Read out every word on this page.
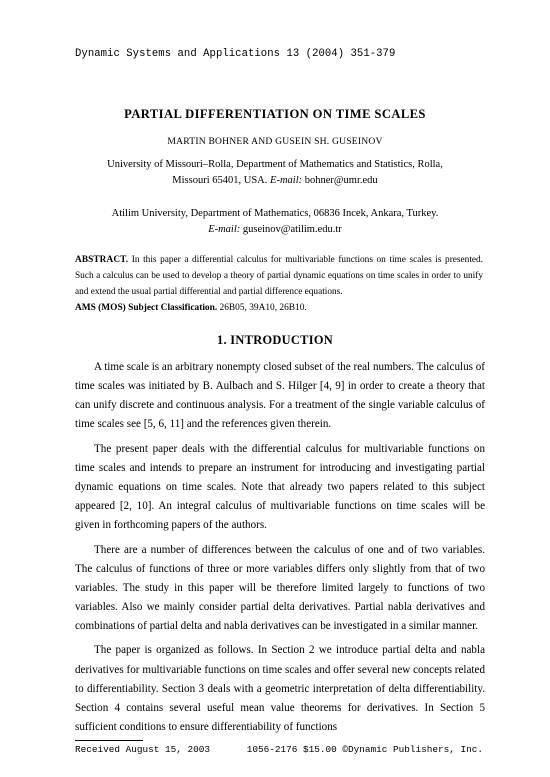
Dynamic Systems and Applications 13 (2004) 351-379
PARTIAL DIFFERENTIATION ON TIME SCALES
MARTIN BOHNER AND GUSEIN SH. GUSEINOV
University of Missouri–Rolla, Department of Mathematics and Statistics, Rolla,
Missouri 65401, USA. E-mail: bohner@umr.edu
Atilim University, Department of Mathematics, 06836 Incek, Ankara, Turkey.
E-mail: guseinov@atilim.edu.tr
ABSTRACT. In this paper a differential calculus for multivariable functions on time scales is presented. Such a calculus can be used to develop a theory of partial dynamic equations on time scales in order to unify and extend the usual partial differential and partial difference equations.
AMS (MOS) Subject Classification. 26B05, 39A10, 26B10.
1. INTRODUCTION

A time scale is an arbitrary nonempty closed subset of the real numbers. The calculus of time scales was initiated by B. Aulbach and S. Hilger [4, 9] in order to create a theory that can unify discrete and continuous analysis. For a treatment of the single variable calculus of time scales see [5, 6, 11] and the references given therein.

The present paper deals with the differential calculus for multivariable functions on time scales and intends to prepare an instrument for introducing and investigating partial dynamic equations on time scales. Note that already two papers related to this subject appeared [2, 10]. An integral calculus of multivariable functions on time scales will be given in forthcoming papers of the authors.

There are a number of differences between the calculus of one and of two variables. The calculus of functions of three or more variables differs only slightly from that of two variables. The study in this paper will be therefore limited largely to functions of two variables. Also we mainly consider partial delta derivatives. Partial nabla derivatives and combinations of partial delta and nabla derivatives can be investigated in a similar manner.

The paper is organized as follows. In Section 2 we introduce partial delta and nabla derivatives for multivariable functions on time scales and offer several new concepts related to differentiability. Section 3 deals with a geometric interpretation of delta differentiability. Section 4 contains several useful mean value theorems for derivatives. In Section 5 sufficient conditions to ensure differentiability of functions

Received August 15, 2003	1056-2176 $15.00 ©Dynamic Publishers, Inc.
